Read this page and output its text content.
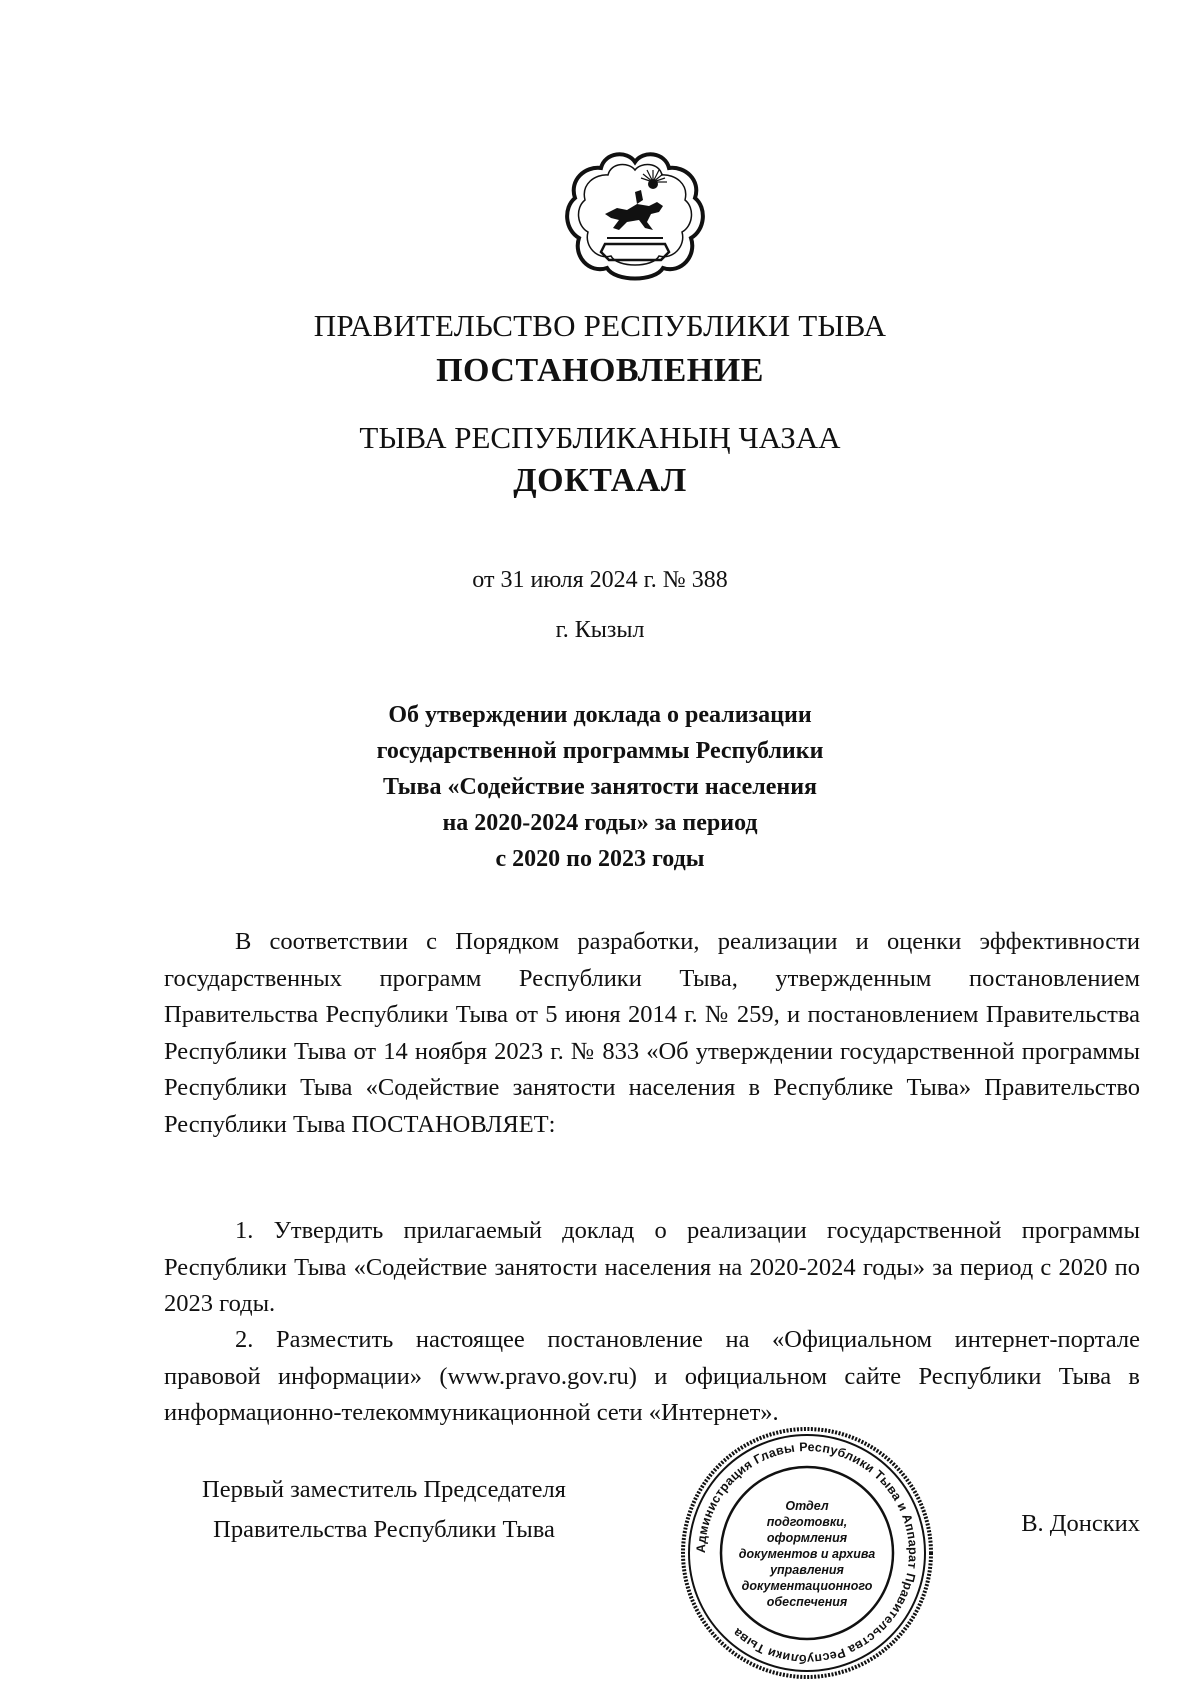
ПРАВИТЕЛЬСТВО РЕСПУБЛИКИ ТЫВА
ПОСТАНОВЛЕНИЕ
ТЫВА РЕСПУБЛИКАНЫҢ ЧАЗАА
ДОКТААЛ
от 31 июля 2024 г. № 388
г. Кызыл
Об утверждении доклада о реализации
государственной программы Республики
Тыва «Содействие занятости населения
на 2020-2024 годы» за период
с 2020 по 2023 годы
В соответствии с Порядком разработки, реализации и оценки эффективности государственных программ Республики Тыва, утвержденным постановлением Правительства Республики Тыва от 5 июня 2014 г. № 259, и постановлением Правительства Республики Тыва от 14 ноября 2023 г. № 833 «Об утверждении государственной программы Республики Тыва «Содействие занятости населения в Республике Тыва» Правительство Республики Тыва ПОСТАНОВЛЯЕТ:
1. Утвердить прилагаемый доклад о реализации государственной программы Республики Тыва «Содействие занятости населения на 2020-2024 годы» за период с 2020 по 2023 годы.
2. Разместить настоящее постановление на «Официальном интернет-портале правовой информации» (www.pravo.gov.ru) и официальном сайте Республики Тыва в информационно-телекоммуникационной сети «Интернет».
Первый заместитель Председателя
Правительства Республики Тыва	В. Донских
Администрация Главы Республики Тыва и Аппарат Правительства Республики Тыва
Отдел
подготовки,
оформления
документов и архива
управления
документационного
обеспечения
